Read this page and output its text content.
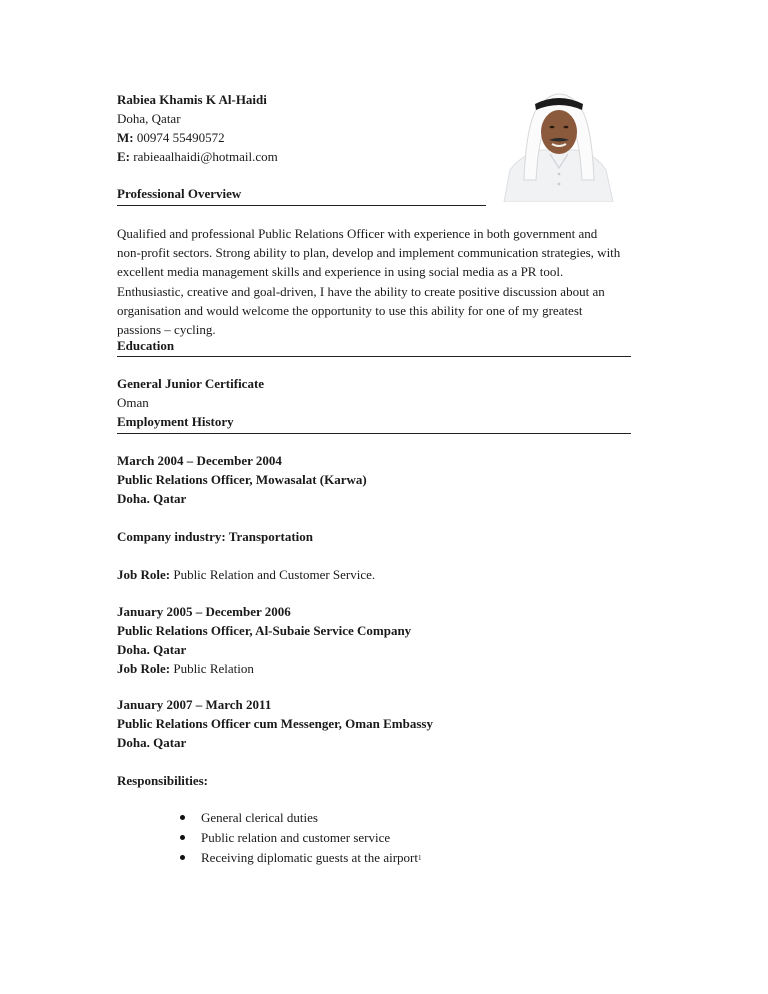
Rabiea Khamis K Al-Haidi
Doha, Qatar
M: 00974 55490572
E: rabieaalhaidi@hotmail.com
Professional Overview

Qualified and professional Public Relations Officer with experience in both government and non-profit sectors. Strong ability to plan, develop and implement communication strategies, with excellent media management skills and experience in using social media as a PR tool. Enthusiastic, creative and goal-driven, I have the ability to create positive discussion about an organisation and would welcome the opportunity to use this ability for one of my greatest passions – cycling.

Education
General Junior Certificate
Oman
Employment History
March 2004 – December 2004
Public Relations Officer, Mowasalat (Karwa)
Doha. Qatar
Company industry: Transportation
Job Role: Public Relation and Customer Service.
January 2005 – December 2006
Public Relations Officer, Al-Subaie Service Company
Doha. Qatar
Job Role: Public Relation
January 2007 – March 2011
Public Relations Officer cum Messenger, Oman Embassy
Doha. Qatar
Responsibilities:
General clerical duties
Public relation and customer service
Receiving diplomatic guests at the airport$^1$
